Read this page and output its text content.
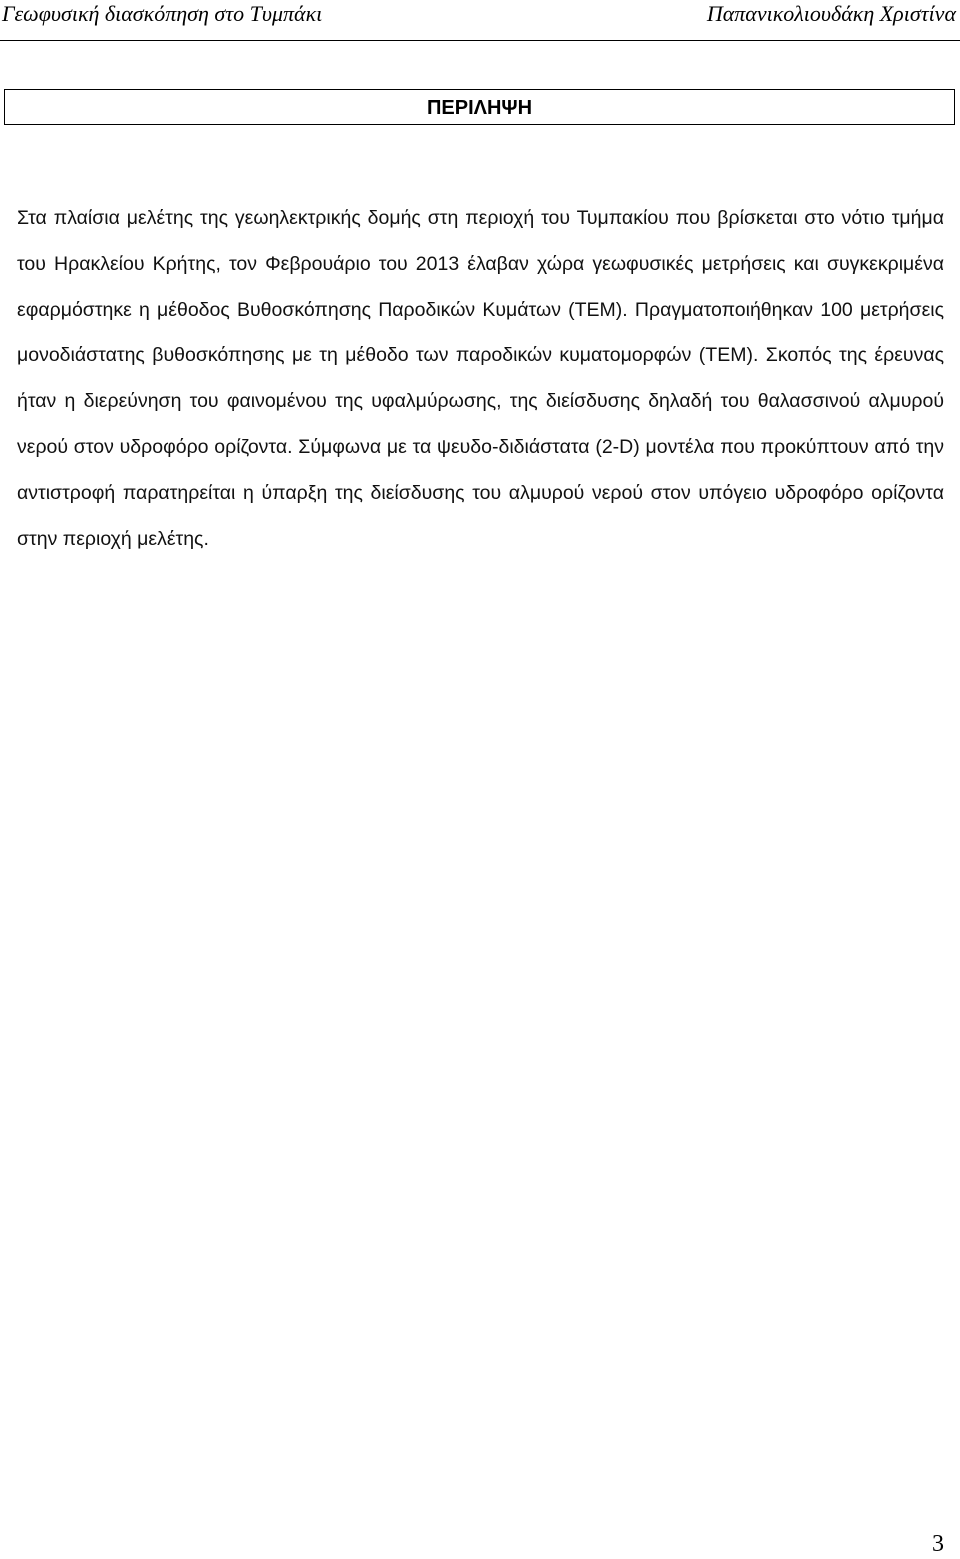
Γεωφυσική διασκόπηση στο Τυμπάκι	Παπανικολιουδάκη Χριστίνα
ΠΕΡΙΛΗΨΗ

Στα πλαίσια μελέτης της γεωηλεκτρικής δομής στη περιοχή του Τυμπακίου που βρίσκεται στο νότιο τμήμα του Ηρακλείου Κρήτης, τον Φεβρουάριο του 2013 έλαβαν χώρα γεωφυσικές μετρήσεις και συγκεκριμένα εφαρμόστηκε η μέθοδος Βυθοσκόπησης Παροδικών Κυμάτων (TEM). Πραγματοποιήθηκαν 100 μετρήσεις μονοδιάστατης βυθοσκόπησης με τη μέθοδο των παροδικών κυματομορφών (TEM). Σκοπός της έρευνας ήταν η διερεύνηση του φαινομένου της υφαλμύρωσης, της διείσδυσης δηλαδή του θαλασσινού αλμυρού νερού στον υδροφόρο ορίζοντα. Σύμφωνα με τα ψευδο-διδιάστατα (2-D) μοντέλα που προκύπτουν από την αντιστροφή παρατηρείται η ύπαρξη της διείσδυσης του αλμυρού νερού στον υπόγειο υδροφόρο ορίζοντα στην περιοχή μελέτης.

3
